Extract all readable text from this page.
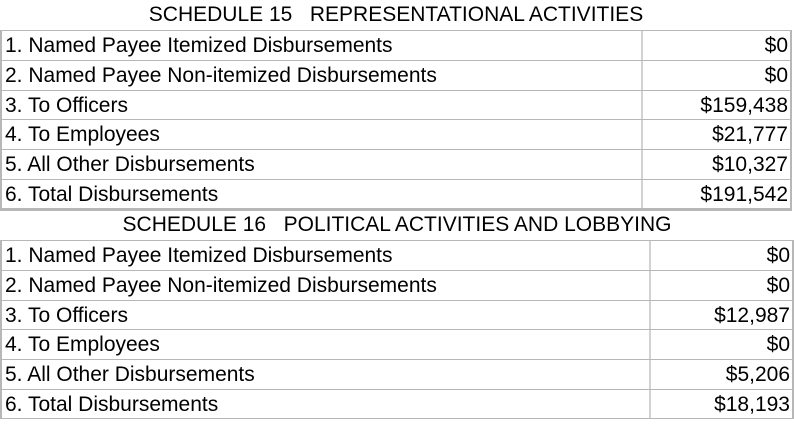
SCHEDULE 15   REPRESENTATIONAL ACTIVITIES
1. Named Payee Itemized Disbursements	$0
2. Named Payee Non-itemized Disbursements	$0
3. To Officers	$159,438
4. To Employees	$21,777
5. All Other Disbursements	$10,327
6. Total Disbursements	$191,542
SCHEDULE 16   POLITICAL ACTIVITIES AND LOBBYING
1. Named Payee Itemized Disbursements	$0
2. Named Payee Non-itemized Disbursements	$0
3. To Officers	$12,987
4. To Employees	$0
5. All Other Disbursements	$5,206
6. Total Disbursements	$18,193
